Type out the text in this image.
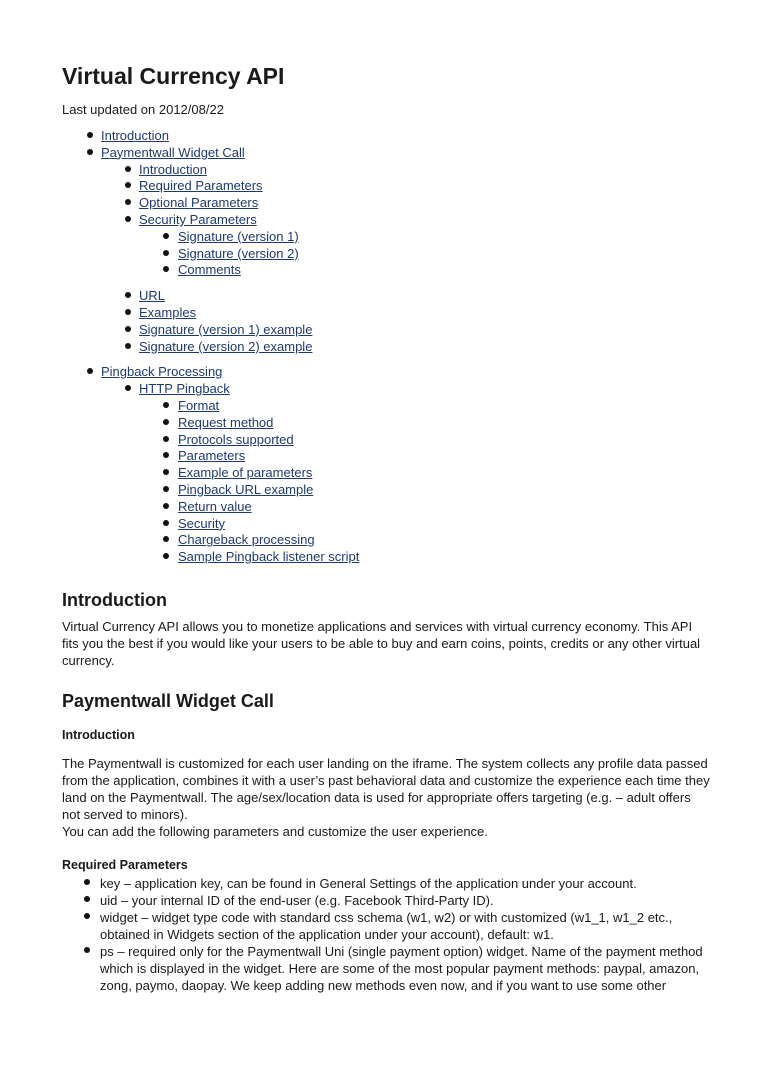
Virtual Currency API
Last updated on 2012/08/22
Introduction
Paymentwall Widget Call
Introduction
Required Parameters
Optional Parameters
Security Parameters
Signature (version 1)
Signature (version 2)
Comments
URL
Examples
Signature (version 1) example
Signature (version 2) example
Pingback Processing
HTTP Pingback
Format
Request method
Protocols supported
Parameters
Example of parameters
Pingback URL example
Return value
Security
Chargeback processing
Sample Pingback listener script
Introduction

Virtual Currency API allows you to monetize applications and services with virtual currency economy. This API

fits you the best if you would like your users to be able to buy and earn coins, points, credits or any other virtual

currency.

Paymentwall Widget Call
Introduction

The Paymentwall is customized for each user landing on the iframe. The system collects any profile data passed

from the application, combines it with a user’s past behavioral data and customize the experience each time they

land on the Paymentwall. The age/sex/location data is used for appropriate offers targeting (e.g. – adult offers

not served to minors).

You can add the following parameters and customize the user experience.

Required Parameters
key – application key, can be found in General Settings of the application under your account.
uid – your internal ID of the end-user (e.g. Facebook Third-Party ID).
widget – widget type code with standard css schema (w1, w2) or with customized (w1_1, w1_2 etc.,
obtained in Widgets section of the application under your account), default: w1.
ps – required only for the Paymentwall Uni (single payment option) widget. Name of the payment method
which is displayed in the widget. Here are some of the most popular payment methods: paypal, amazon,
zong, paymo, daopay. We keep adding new methods even now, and if you want to use some other
